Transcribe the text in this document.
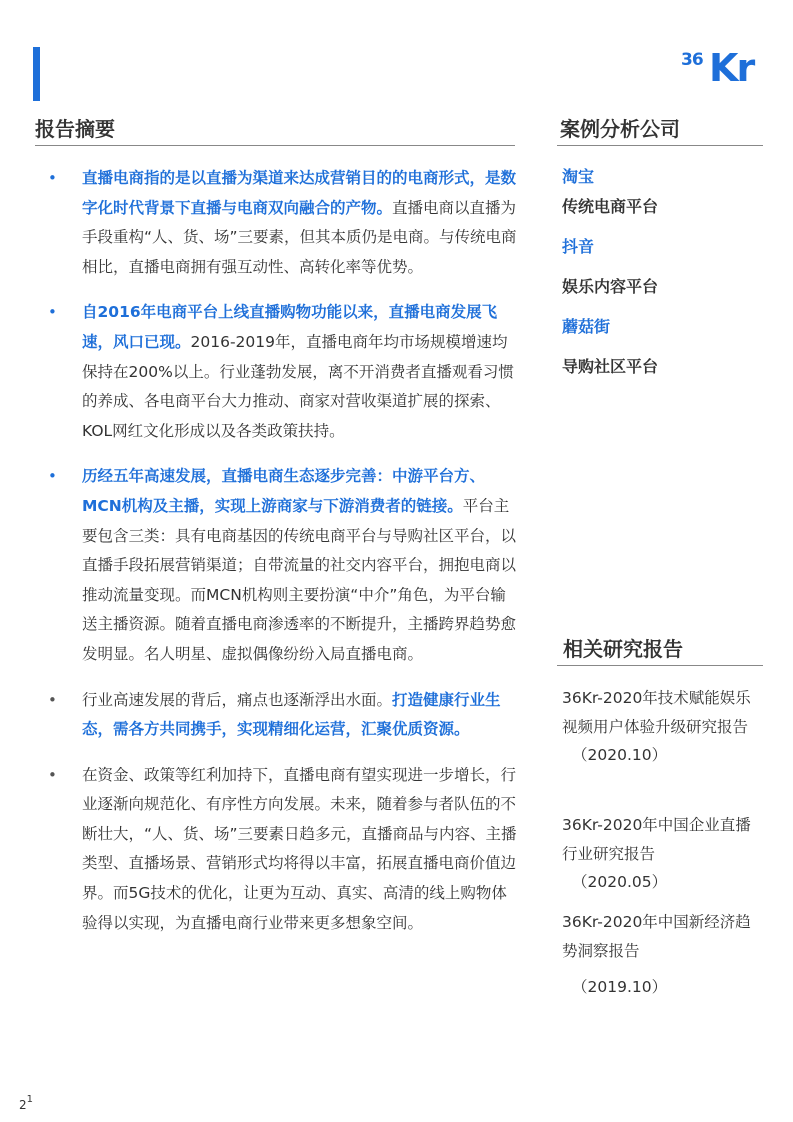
36 Kr
报告摘要
• 直播电商指的是以直播为渠道来达成营销目的的电商形式，是数字化时代背景下直播与电商双向融合的产物。直播电商以直播为手段重构“人、货、场”三要素，但其本质仍是电商。与传统电商相比，直播电商拥有强互动性、高转化率等优势。
• 自2016年电商平台上线直播购物功能以来，直播电商发展飞速，风口已现。2016-2019年，直播电商年均市场规模增速均保持在200%以上。行业蓬勃发展，离不开消费者直播观看习惯的养成、各电商平台大力推动、商家对营收渠道扩展的探索、KOL网红文化形成以及各类政策扶持。
• 历经五年高速发展，直播电商生态逐步完善：中游平台方、MCN机构及主播，实现上游商家与下游消费者的链接。平台主要包含三类：具有电商基因的传统电商平台与导购社区平台，以直播手段拓展营销渠道；自带流量的社交内容平台，拥抱电商以推动流量变现。而MCN机构则主要扮演“中介”角色，为平台输送主播资源。随着直播电商渗透率的不断提升，主播跨界趋势愈发明显。名人明星、虚拟偶像纷纷入局直播电商。
• 行业高速发展的背后，痛点也逐渐浮出水面。打造健康行业生态，需各方共同携手，实现精细化运营，汇聚优质资源。
• 在资金、政策等红利加持下，直播电商有望实现进一步增长，行业逐渐向规范化、有序性方向发展。未来，随着参与者队伍的不断壮大，“人、货、场”三要素日趋多元，直播商品与内容、主播类型、直播场景、营销形式均将得以丰富，拓展直播电商价值边界。而5G技术的优化，让更为互动、真实、高清的线上购物体验得以实现，为直播电商行业带来更多想象空间。
案例分析公司
淘宝
传统电商平台
抖音
娱乐内容平台
蘑菇街
导购社区平台
相关研究报告
36Kr-2020年技术赋能娱乐视频用户体验升级研究报告
（2020.10）
36Kr-2020年中国企业直播行业研究报告
（2020.05）
36Kr-2020年中国新经济趋势洞察报告
（2019.10）
$2^1$
